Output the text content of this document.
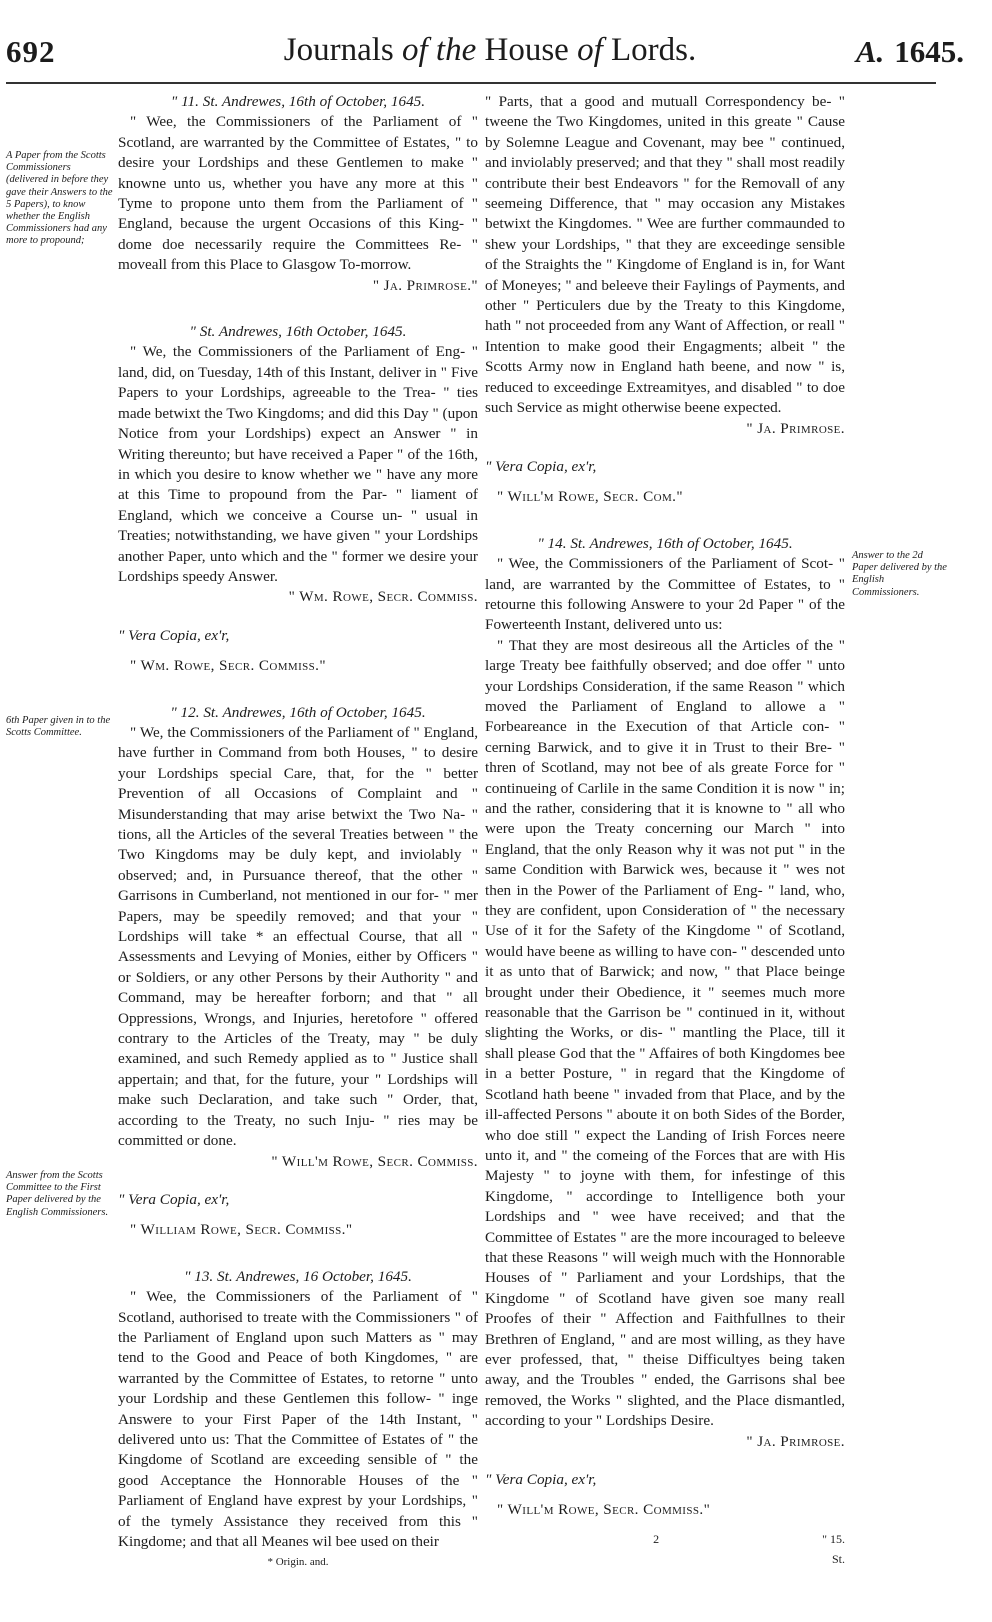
692	Journals of the House of Lords.	A. 1645.
A Paper from the Scotts Commissioners (delivered in before they gave their Answers to the 5 Papers), to know whether the English Commissioners had any more to propound;
6th Paper given in to the Scotts Committee.
Answer from the Scotts Committee to the First Paper delivered by the English Commissioners.
Answer to the 2d Paper delivered by the English Commissioners.

" 11. St. Andrewes, 16th of October, 1645.

" Wee, the Commissioners of the Parliament of " Scotland, are warranted by the Committee of Estates, " to desire your Lordships and these Gentlemen to make " knowne unto us, whether you have any more at this " Tyme to propone unto them from the Parliament of " England, because the urgent Occasions of this King- " dome doe necessarily require the Committees Re- " moveall from this Place to Glasgow To-morrow.

" Ja. Primrose."

" St. Andrewes, 16th October, 1645.

" We, the Commissioners of the Parliament of Eng- " land, did, on Tuesday, 14th of this Instant, deliver in " Five Papers to your Lordships, agreeable to the Trea- " ties made betwixt the Two Kingdoms; and did this Day " (upon Notice from your Lordships) expect an Answer " in Writing thereunto; but have received a Paper " of the 16th, in which you desire to know whether we " have any more at this Time to propound from the Par- " liament of England, which we conceive a Course un- " usual in Treaties; notwithstanding, we have given " your Lordships another Paper, unto which and the " former we desire your Lordships speedy Answer.

" Wm. Rowe, Secr. Commiss.

" Vera Copia, ex'r,

" Wm. Rowe, Secr. Commiss."

" 12. St. Andrewes, 16th of October, 1645.

" We, the Commissioners of the Parliament of " England, have further in Command from both Houses, " to desire your Lordships special Care, that, for the " better Prevention of all Occasions of Complaint and " Misunderstanding that may arise betwixt the Two Na- " tions, all the Articles of the several Treaties between " the Two Kingdoms may be duly kept, and inviolably " observed; and, in Pursuance thereof, that the other " Garrisons in Cumberland, not mentioned in our for- " mer Papers, may be speedily removed; and that your " Lordships will take * an effectual Course, that all " Assessments and Levying of Monies, either by Officers " or Soldiers, or any other Persons by their Authority " and Command, may be hereafter forborn; and that " all Oppressions, Wrongs, and Injuries, heretofore " offered contrary to the Articles of the Treaty, may " be duly examined, and such Remedy applied as to " Justice shall appertain; and that, for the future, your " Lordships will make such Declaration, and take such " Order, that, according to the Treaty, no such Inju- " ries may be committed or done.

" Will'm Rowe, Secr. Commiss.

" Vera Copia, ex'r,

" William Rowe, Secr. Commiss."

" 13. St. Andrewes, 16 October, 1645.

" Wee, the Commissioners of the Parliament of " Scotland, authorised to treate with the Commissioners " of the Parliament of England upon such Matters as " may tend to the Good and Peace of both Kingdomes, " are warranted by the Committee of Estates, to retorne " unto your Lordship and these Gentlemen this follow- " inge Answere to your First Paper of the 14th Instant, " delivered unto us: That the Committee of Estates of " the Kingdome of Scotland are exceeding sensible of " the good Acceptance the Honnorable Houses of the " Parliament of England have exprest by your Lordships, " of the tymely Assistance they received from this " Kingdome; and that all Meanes wil bee used on their

* Origin. and.

" Parts, that a good and mutuall Correspondency be- " tweene the Two Kingdomes, united in this greate " Cause by Solemne League and Covenant, may bee " continued, and inviolably preserved; and that they " shall most readily contribute their best Endeavors " for the Removall of any seemeing Difference, that " may occasion any Mistakes betwixt the Kingdomes. " Wee are further commaunded to shew your Lordships, " that they are exceedinge sensible of the Straights the " Kingdome of England is in, for Want of Moneyes; " and beleeve their Faylings of Payments, and other " Perticulers due by the Treaty to this Kingdome, hath " not proceeded from any Want of Affection, or reall " Intention to make good their Engagments; albeit " the Scotts Army now in England hath beene, and now " is, reduced to exceedinge Extreamityes, and disabled " to doe such Service as might otherwise beene expected.

" Ja. Primrose.

" Vera Copia, ex'r,

" Will'm Rowe, Secr. Com."

" 14. St. Andrewes, 16th of October, 1645.

" Wee, the Commissioners of the Parliament of Scot- " land, are warranted by the Committee of Estates, to " retourne this following Answere to your 2d Paper " of the Fowerteenth Instant, delivered unto us:

" That they are most desireous all the Articles of the " large Treaty bee faithfully observed; and doe offer " unto your Lordships Consideration, if the same Reason " which moved the Parliament of England to allowe a " Forbeareance in the Execution of that Article con- " cerning Barwick, and to give it in Trust to their Bre- " thren of Scotland, may not bee of als greate Force for " continueing of Carlile in the same Condition it is now " in; and the rather, considering that it is knowne to " all who were upon the Treaty concerning our March " into England, that the only Reason why it was not put " in the same Condition with Barwick wes, because it " wes not then in the Power of the Parliament of Eng- " land, who, they are confident, upon Consideration of " the necessary Use of it for the Safety of the Kingdome " of Scotland, would have beene as willing to have con- " descended unto it as unto that of Barwick; and now, " that Place beinge brought under their Obedience, it " seemes much more reasonable that the Garrison be " continued in it, without slighting the Works, or dis- " mantling the Place, till it shall please God that the " Affaires of both Kingdomes bee in a better Posture, " in regard that the Kingdome of Scotland hath beene " invaded from that Place, and by the ill-affected Persons " aboute it on both Sides of the Border, who doe still " expect the Landing of Irish Forces neere unto it, and " the comeing of the Forces that are with His Majesty " to joyne with them, for infestinge of this Kingdome, " accordinge to Intelligence both your Lordships and " wee have received; and that the Committee of Estates " are the more incouraged to beleeve that these Reasons " will weigh much with the Honnorable Houses of " Parliament and your Lordships, that the Kingdome " of Scotland have given soe many reall Proofes of their " Affection and Faithfullnes to their Brethren of England, " and are most willing, as they have ever professed, that, " theise Difficultyes being taken away, and the Troubles " ended, the Garrisons shal bee removed, the Works " slighted, and the Place dismantled, according to your " Lordships Desire.

" Ja. Primrose.

" Vera Copia, ex'r,

" Will'm Rowe, Secr. Commiss."

2	" 15. St.
